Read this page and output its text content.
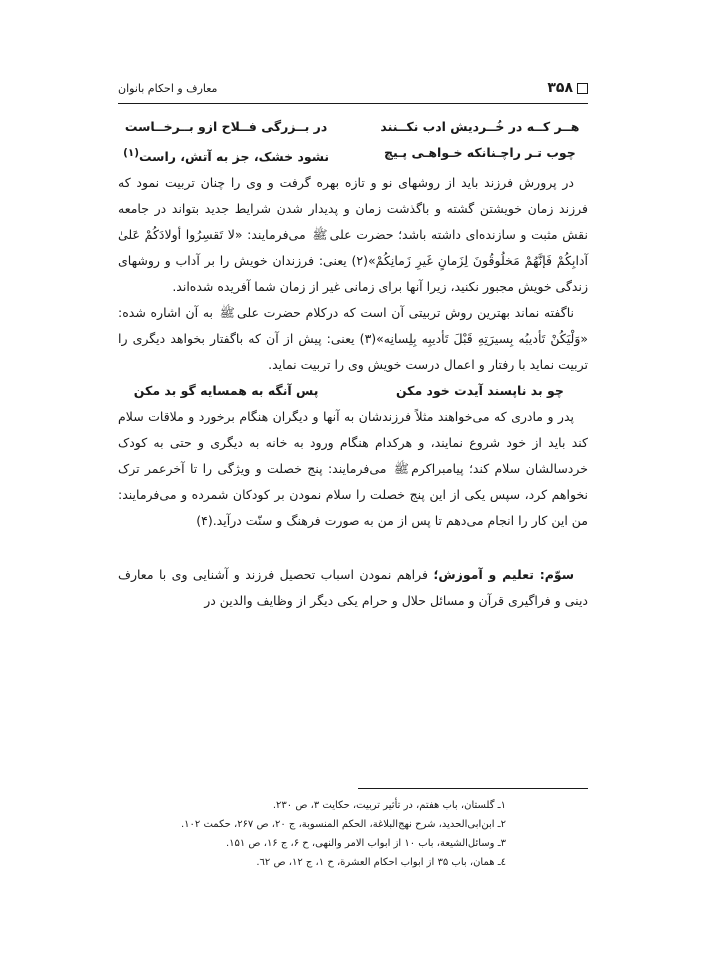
۳۵۸
معارف و احکام بانوان
هــر کــه در خُــردیش ادب نکــنند
در بــزرگی فــلاح ازو بــرخــاست
چوب تـر راچـنانکه خـواهـی پـیچ
نشود خشک، جز به آتش، راست$^{(۱)}$

در پرورش فرزند باید از روشهای نو و تازه بهره گرفت و وی را چنان تربیت نمود که فرزند زمان خویشتن گشته و باگذشت زمان و پدیدار شدن شرایط جدید بتواند در جامعه نقش مثبت و سازنده‌ای داشته باشد؛ حضرت علی ﷺ  می‌فرمایند: «لا تَقسِرُوا أولادَکُمْ عَلیٰ آدابِکُمْ فَإنَّهُمْ مَخلُوقُونَ لِزَمانٍ غَیرِ زَمانِکُمْ»(۲) یعنی: فرزندان خویش را بر آداب و روشهای زندگی خویش مجبور نکنید، زیرا آنها برای زمانی غیر از زمان شما آفریده شده‌اند.

ناگفته نماند بهترین روش تربیتی آن است که درکلام حضرت علی ﷺ  به آن اشاره شده: «وَلْیَکُنْ تَأدیبُه بِسیرَتِهِ قَبْلَ تَأدیبِه بِلِسانِه»(۳) یعنی: پیش از آن که باگفتار بخواهد دیگری را تربیت نماید با رفتار و اعمال درست خویش وی را تربیت نماید.

چو بد ناپسند آیدت خود مکن
پس آنگه به همسایه گو بد مکن

پدر و مادری که می‌خواهند مثلاً فرزندشان به آنها و دیگران هنگام برخورد و ملاقات سلام کند باید از خود شروع نمایند، و هرکدام هنگام ورود به خانه به دیگری و حتی به کودک خردسالشان سلام کند؛ پیامبراکرم ﷺ  می‌فرمایند: پنج خصلت و ویژگی را تا آخرعمر ترک نخواهم کرد، سپس یکی از این پنج خصلت را سلام نمودن بر کودکان شمرده و می‌فرمایند: من این کار را انجام می‌دهم تا پس از من به صورت فرهنگ و سنّت درآید.(۴)

سوّم: تعلیم و آموزش؛ فراهم نمودن اسباب تحصیل فرزند و آشنایی وی با معارف دینی و فراگیری قرآن و مسائل حلال و حرام یکی دیگر از وظایف والدین در

۱ـ گلستان، باب هفتم، در تأثیر تربیت، حکایت ۳، ص ۲۳۰.
۲ـ ابن‌ابی‌الحدید، شرح نهج‌البلاغة، الحکم المنسوبة، ج ۲۰، ص ۲۶۷، حکمت ۱۰۲.
۳ـ وسائل‌الشیعة، باب ۱۰ از ابواب الامر والنهی، ح ۶، ج ۱۶، ص ۱۵۱.
٤ـ همان، باب ۳۵ از ابواب احکام العشرة، ح ۱، ج ۱۲، ص ٦۲.
